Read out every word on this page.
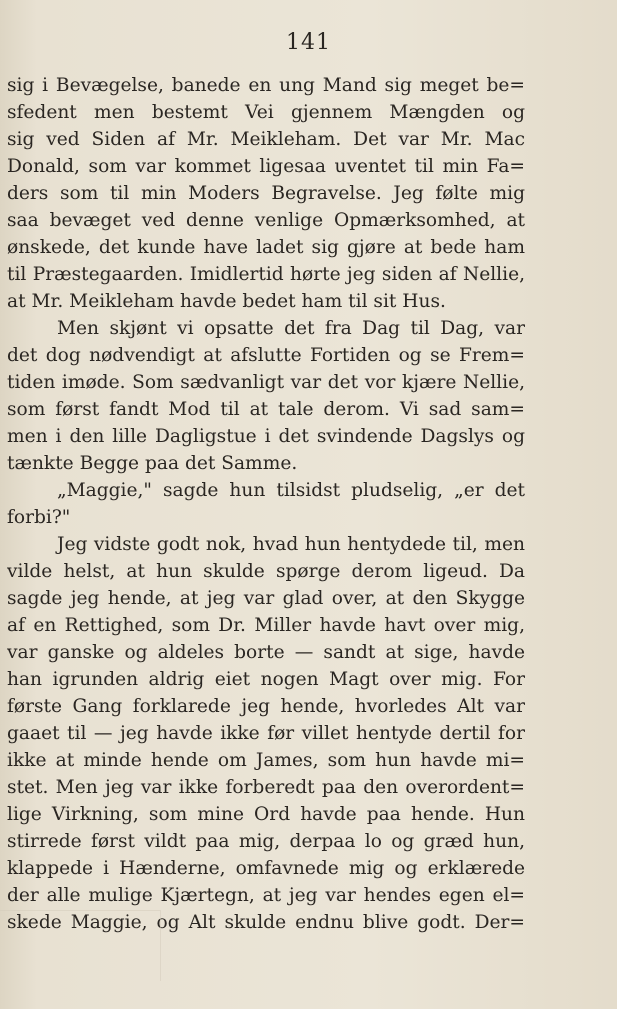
141
sig i Bevægelse, banede en ung Mand sig meget be=
sfedent men bestemt Vei gjennem Mængden og
sig ved Siden af Mr. Meikleham. Det var Mr. Mac
Donald, som var kommet ligesaa uventet til min Fa=
ders som til min Moders Begravelse. Jeg følte mig
saa bevæget ved denne venlige Opmærksomhed, at
ønskede, det kunde have ladet sig gjøre at bede ham
til Præstegaarden. Imidlertid hørte jeg siden af Nellie,
at Mr. Meikleham havde bedet ham til sit Hus.
Men skjønt vi opsatte det fra Dag til Dag, var
det dog nødvendigt at afslutte Fortiden og se Frem=
tiden imøde. Som sædvanligt var det vor kjære Nellie,
som først fandt Mod til at tale derom. Vi sad sam=
men i den lille Dagligstue i det svindende Dagslys og
tænkte Begge paa det Samme.
„Maggie," sagde hun tilsidst pludselig, „er det
forbi?"
Jeg vidste godt nok, hvad hun hentydede til, men
vilde helst, at hun skulde spørge derom ligeud. Da
sagde jeg hende, at jeg var glad over, at den Skygge
af en Rettighed, som Dr. Miller havde havt over mig,
var ganske og aldeles borte — sandt at sige, havde
han igrunden aldrig eiet nogen Magt over mig. For
første Gang forklarede jeg hende, hvorledes Alt var
gaaet til — jeg havde ikke før villet hentyde dertil for
ikke at minde hende om James, som hun havde mi=
stet. Men jeg var ikke forberedt paa den overordent=
lige Virkning, som mine Ord havde paa hende. Hun
stirrede først vildt paa mig, derpaa lo og græd hun,
klappede i Hænderne, omfavnede mig og erklærede
der alle mulige Kjærtegn, at jeg var hendes egen el=
skede Maggie, og Alt skulde endnu blive godt. Der=
